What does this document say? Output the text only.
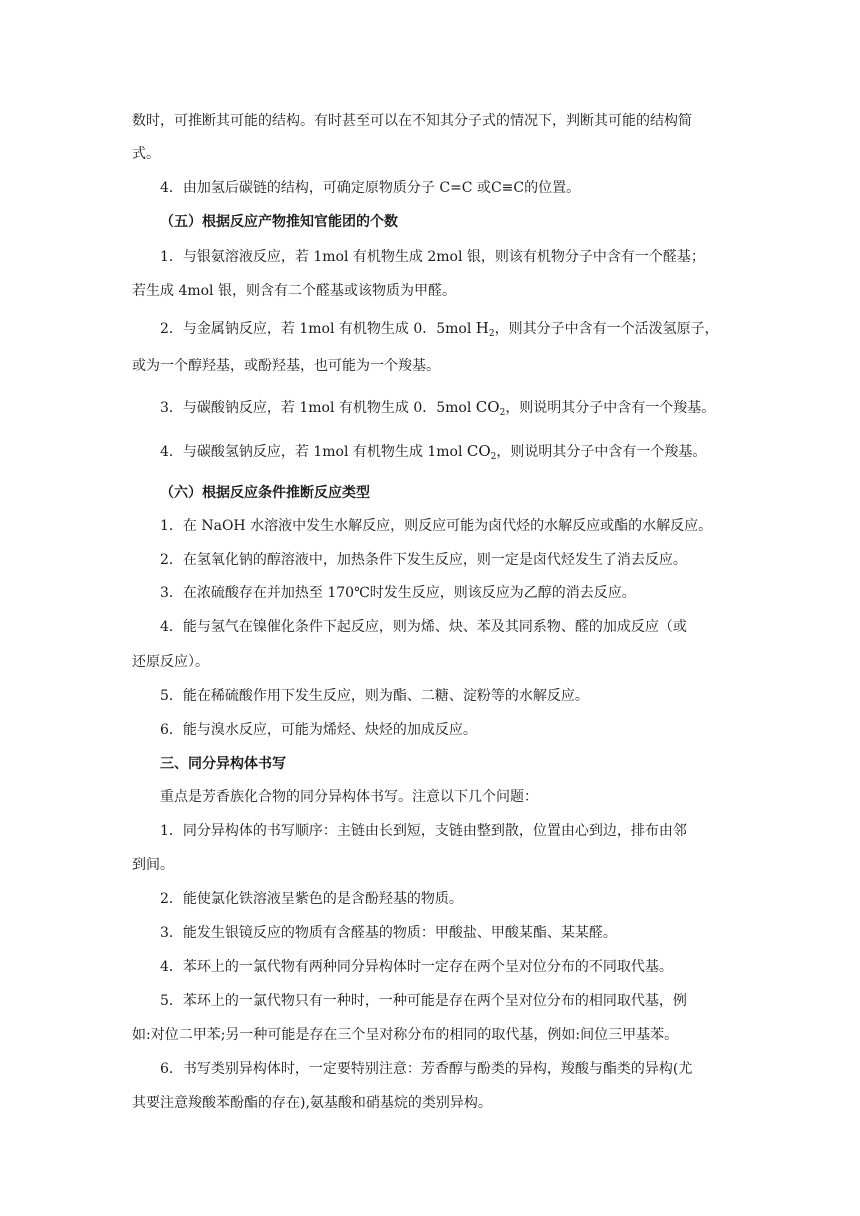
数时，可推断其可能的结构。有时甚至可以在不知其分子式的情况下，判断其可能的结构简
式。
4．由加氢后碳链的结构，可确定原物质分子 C=C 或C≡C的位置。
（五）根据反应产物推知官能团的个数
1．与银氨溶液反应，若 1mol 有机物生成 2mol 银，则该有机物分子中含有一个醛基；
若生成 4mol 银，则含有二个醛基或该物质为甲醛。
2．与金属钠反应，若 1mol 有机物生成 0．5mol $H_2$，则其分子中含有一个活泼氢原子，
或为一个醇羟基，或酚羟基，也可能为一个羧基。
3．与碳酸钠反应，若 1mol 有机物生成 0．5mol $CO_2$，则说明其分子中含有一个羧基。
4．与碳酸氢钠反应，若 1mol 有机物生成 1mol $CO_2$，则说明其分子中含有一个羧基。
（六）根据反应条件推断反应类型
1．在 NaOH 水溶液中发生水解反应，则反应可能为卤代烃的水解反应或酯的水解反应。
2．在氢氧化钠的醇溶液中，加热条件下发生反应，则一定是卤代烃发生了消去反应。
3．在浓硫酸存在并加热至 170℃时发生反应，则该反应为乙醇的消去反应。
4．能与氢气在镍催化条件下起反应，则为烯、炔、苯及其同系物、醛的加成反应（或
还原反应）。
5．能在稀硫酸作用下发生反应，则为酯、二糖、淀粉等的水解反应。
6．能与溴水反应，可能为烯烃、炔烃的加成反应。
三、同分异构体书写
重点是芳香族化合物的同分异构体书写。注意以下几个问题：
1．同分异构体的书写顺序：主链由长到短，支链由整到散，位置由心到边，排布由邻
到间。
2．能使氯化铁溶液呈紫色的是含酚羟基的物质。
3．能发生银镜反应的物质有含醛基的物质：甲酸盐、甲酸某酯、某某醛。
4．苯环上的一氯代物有两种同分异构体时一定存在两个呈对位分布的不同取代基。
5．苯环上的一氯代物只有一种时，一种可能是存在两个呈对位分布的相同取代基，例
如:对位二甲苯;另一种可能是存在三个呈对称分布的相同的取代基，例如:间位三甲基苯。
6．书写类别异构体时，一定要特别注意：芳香醇与酚类的异构，羧酸与酯类的异构(尤
其要注意羧酸苯酚酯的存在),氨基酸和硝基烷的类别异构。
